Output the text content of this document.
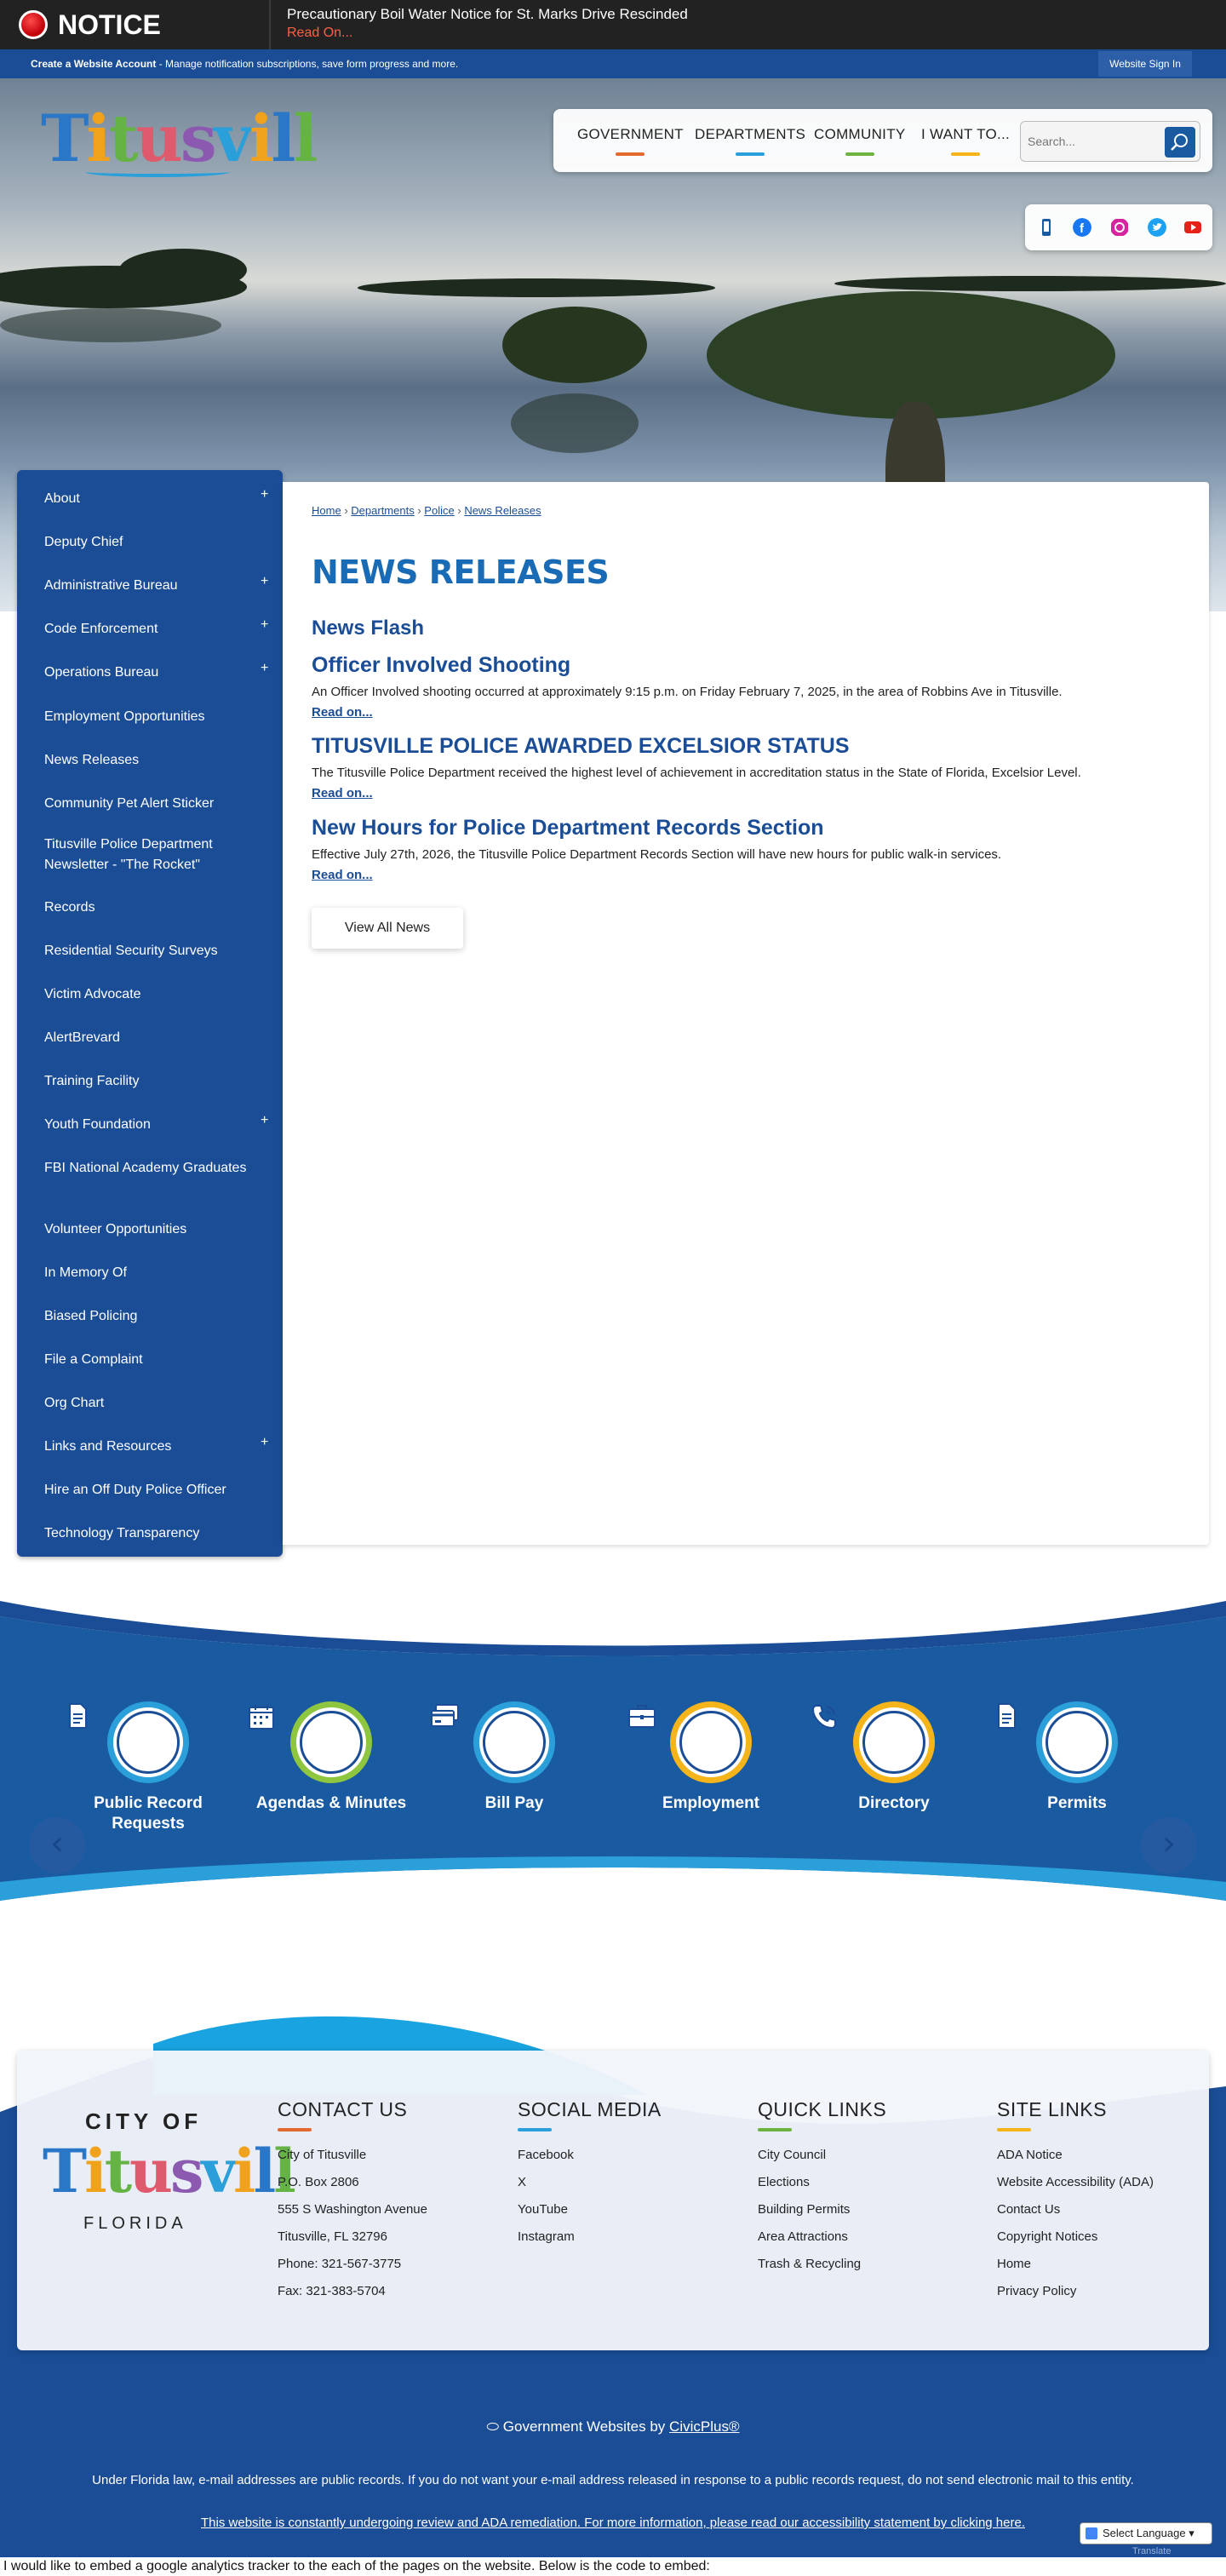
NOTICE	Precautionary Boil Water Notice for St. Marks Drive Rescinded
Read On...
Create a Website Account - Manage notification subscriptions, save form progress and more.	Website Sign In
Titusvill	GOVERNMENT DEPARTMENTS COMMUNITY I WANT TO...
Search...
f
About	+
Deputy Chief
Administrative Bureau	+
Code Enforcement	+
Operations Bureau	+
Employment Opportunities
News Releases
Community Pet Alert Sticker
Titusville Police Department Newsletter - "The Rocket"
Records
Residential Security Surveys
Victim Advocate
AlertBrevard
Training Facility
Youth Foundation	+
FBI National Academy Graduates
Volunteer Opportunities
In Memory Of
Biased Policing
File a Complaint
Org Chart
Links and Resources	+
Hire an Off Duty Police Officer
Technology Transparency
Home › Departments › Police › News Releases
NEWS RELEASES
News Flash
Officer Involved Shooting
An Officer Involved shooting occurred at approximately 9:15 p.m. on Friday February 7, 2025, in the area of Robbins Ave in Titusville.
Read on...
TITUSVILLE POLICE AWARDED EXCELSIOR STATUS
The Titusville Police Department received the highest level of achievement in accreditation status in the State of Florida, Excelsior Level.
Read on...
New Hours for Police Department Records Section
Effective July 27th, 2026, the Titusville Police Department Records Section will have new hours for public walk-in services.
Read on...
View All News
Public Record Requests
Agendas & Minutes	Bill Pay	Employment	Directory	Permits
‹	›
CITY OF
Titusvill
FLORIDA
CONTACT US
City of Titusville
P.O. Box 2806
555 S Washington Avenue
Titusville, FL 32796
Phone: 321-567-3775
Fax: 321-383-5704
SOCIAL MEDIA
Facebook
X
YouTube
Instagram
QUICK LINKS
City Council
Elections
Building Permits
Area Attractions
Trash & Recycling
SITE LINKS
ADA Notice
Website Accessibility (ADA)
Contact Us
Copyright Notices
Home
Privacy Policy
⬭ Government Websites by CivicPlus®
Under Florida law, e-mail addresses are public records. If you do not want your e-mail address released in response to a public records request, do not send electronic mail to this entity.
This website is constantly undergoing review and ADA remediation. For more information, please read our accessibility statement by clicking here.
Select Language ▾
Translate
I would like to embed a google analytics tracker to the each of the pages on the website. Below is the code to embed:
